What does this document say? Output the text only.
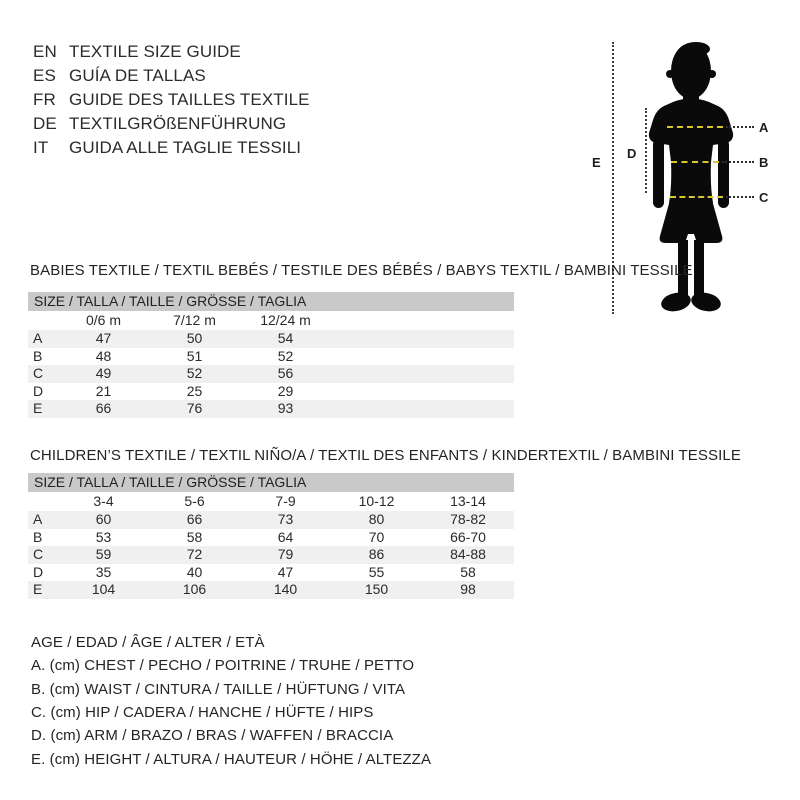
EN TEXTILE SIZE GUIDE
ES GUÍA DE TALLAS
FR GUIDE DES TAILLES TEXTILE
DE TEXTILGRÖßENFÜHRUNG
IT	GUIDA ALLE TAGLIE TESSILI
A
B
C
D
E
BABIES TEXTILE / TEXTIL BEBÉS / TESTILE DES BÉBÉS / BABYS TEXTIL / BAMBINI TESSILE
SIZE / TALLA / TAILLE / GRÖSSE / TAGLIA					
	0/6 m	7/12 m	12/24 m		
A	47	50	54		
B	48	51	52		
C	49	52	56		
D	21	25	29		
E	66	76	93		
CHILDREN’S TEXTILE / TEXTIL NIÑO/A / TEXTIL DES ENFANTS / KINDERTEXTIL / BAMBINI TESSILE
SIZE / TALLA / TAILLE / GRÖSSE / TAGLIA					
	3-4	5-6	7-9	10-12	13-14
A	60	66	73	80	78-82
B	53	58	64	70	66-70
C	59	72	79	86	84-88
D	35	40	47	55	58
E	104	106	140	150	98
AGE / EDAD / ÂGE / ALTER / ETÀ
A. (cm) CHEST / PECHO / POITRINE / TRUHE / PETTO
B. (cm) WAIST / CINTURA / TAILLE / HÜFTUNG / VITA
C. (cm) HIP / CADERA / HANCHE / HÜFTE / HIPS
D. (cm) ARM / BRAZO / BRAS / WAFFEN / BRACCIA
E. (cm) HEIGHT / ALTURA / HAUTEUR / HÖHE / ALTEZZA
